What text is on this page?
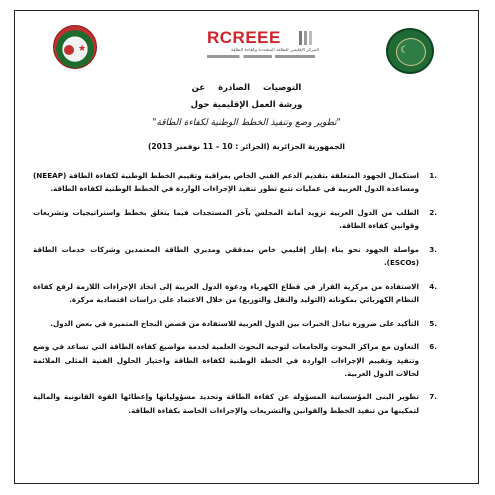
★
RCREEE
المركز الإقليمي للطاقة المتجددة وكفاءة الطاقة	☾
التوصيات الصادرة عن
ورشة العمل الإقليمية حول
"تطوير وضع وتنفيذ الخطط الوطنية لكفاءة الطاقة"
الجمهورية الجزائرية (الجزائر : 10 – 11 نوفمبر 2013)
1.
استكمال الجهود المتعلقة بتقديم الدعم الفني الخاص بمراقبة وتقييم الخطط الوطنية لكفاءة الطاقة (NEEAP) ومساعدة الدول العربية في عمليات تتبع تطور تنفيذ الإجراءات الواردة في الخطط الوطنية لكفاءة الطاقة.
2.
الطلب من الدول العربية تزويد أمانة المجلس بآخر المستجدات فيما يتعلق بخطط واستراتيجيات وتشريعات وقوانين كفاءة الطاقة.
3.
مواصلة الجهود نحو بناء إطار إقليمي خاص بمدققي ومديري الطاقة المعتمدين وشركات خدمات الطاقة (ESCOs).
4.
الاستفادة من مركزية القرار في قطاع الكهرباء ودعوة الدول العربية إلى اتخاذ الإجراءات اللازمة لرفع كفاءة النظام الكهربائي بمكوناته (التوليد والنقل والتوزيع) من خلال الاعتماد على دراسات اقتصادية مركزة.
5.
التأكيد على ضرورة تبادل الخبرات بين الدول العربية للاستفادة من قصص النجاح المتميزة في بعض الدول.
6.
التعاون مع مراكز البحوث والجامعات لتوجيه البحوث العلمية لخدمة مواضيع كفاءة الطاقة التي تساعد في وضع وتنفيذ وتقييم الإجراءات الواردة في الخطة الوطنية لكفاءة الطاقة واختيار الحلول الفنية المثلى الملائمة لحالات الدول العربية.
7.
تطوير البنى المؤسساتية المسؤولة عن كفاءة الطاقة وتحديد مسؤولياتها وإعطائها القوة القانونية والمالية لتمكينها من تنفيذ الخطط والقوانين والتشريعات والإجراءات الخاصة بكفاءة الطاقة.
